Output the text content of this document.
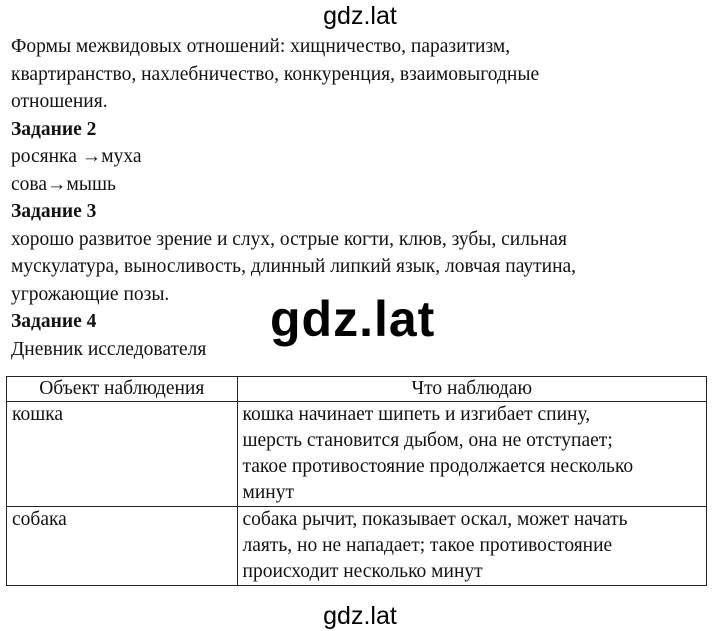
gdz.lat

Формы межвидовых отношений: хищничество, паразитизм,

квартиранство, нахлебничество, конкуренция, взаимовыгодные

отношения.

Задание 2

росянка →муха

сова→мышь

Задание 3

хорошо развитое зрение и слух, острые когти, клюв, зубы, сильная

мускулатура, выносливость, длинный липкий язык, ловчая паутина,

угрожающие позы.

Задание 4

Дневник исследователя

Объект наблюдения	Что наблюдаю
кошка	кошка начинает шипеть и изгибает спину,
шерсть становится дыбом, она не отступает;
такое противостояние продолжается несколько
минут

собака	собака рычит, показывает оскал, может начать
лаять, но не нападает; такое противостояние
происходит несколько минут
gdz.lat
gdz.lat
